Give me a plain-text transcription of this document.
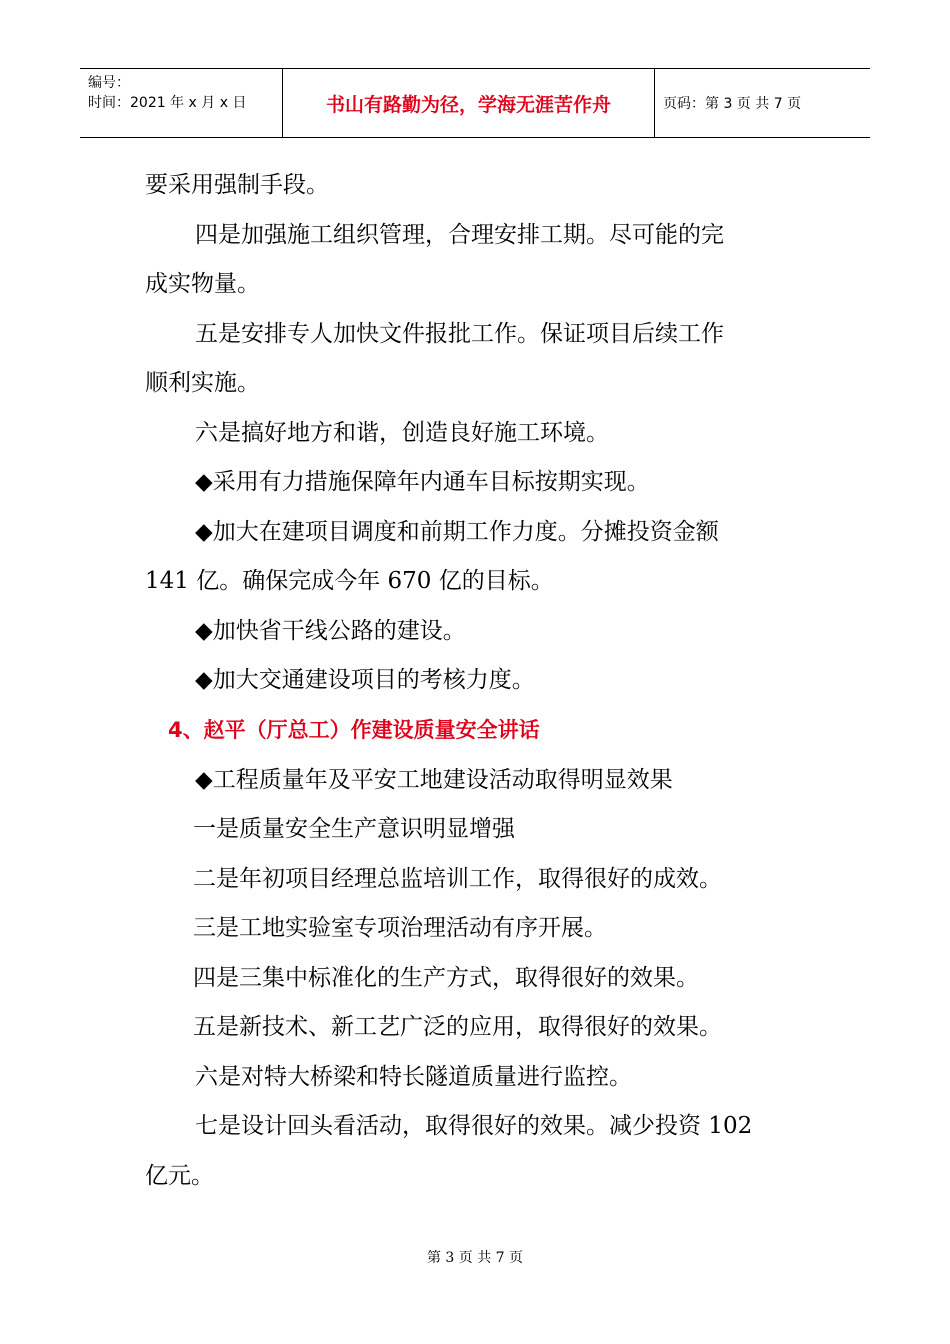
编号：
时间：2021 年 x 月 x 日	书山有路勤为径，学海无涯苦作舟	页码：第 3 页 共 7 页
要采用强制手段。
四是加强施工组织管理，合理安排工期。尽可能的完
成实物量。
五是安排专人加快文件报批工作。保证项目后续工作
顺利实施。
六是搞好地方和谐，创造良好施工环境。
◆采用有力措施保障年内通车目标按期实现。
◆加大在建项目调度和前期工作力度。分摊投资金额
141 亿。确保完成今年 670 亿的目标。
◆加快省干线公路的建设。
◆加大交通建设项目的考核力度。
4、赵平（厅总工）作建设质量安全讲话
◆工程质量年及平安工地建设活动取得明显效果
一是质量安全生产意识明显增强
二是年初项目经理总监培训工作，取得很好的成效。
三是工地实验室专项治理活动有序开展。
四是三集中标准化的生产方式，取得很好的效果。
五是新技术、新工艺广泛的应用，取得很好的效果。
六是对特大桥梁和特长隧道质量进行监控。
七是设计回头看活动，取得很好的效果。减少投资 102
亿元。
第 3 页 共 7 页
